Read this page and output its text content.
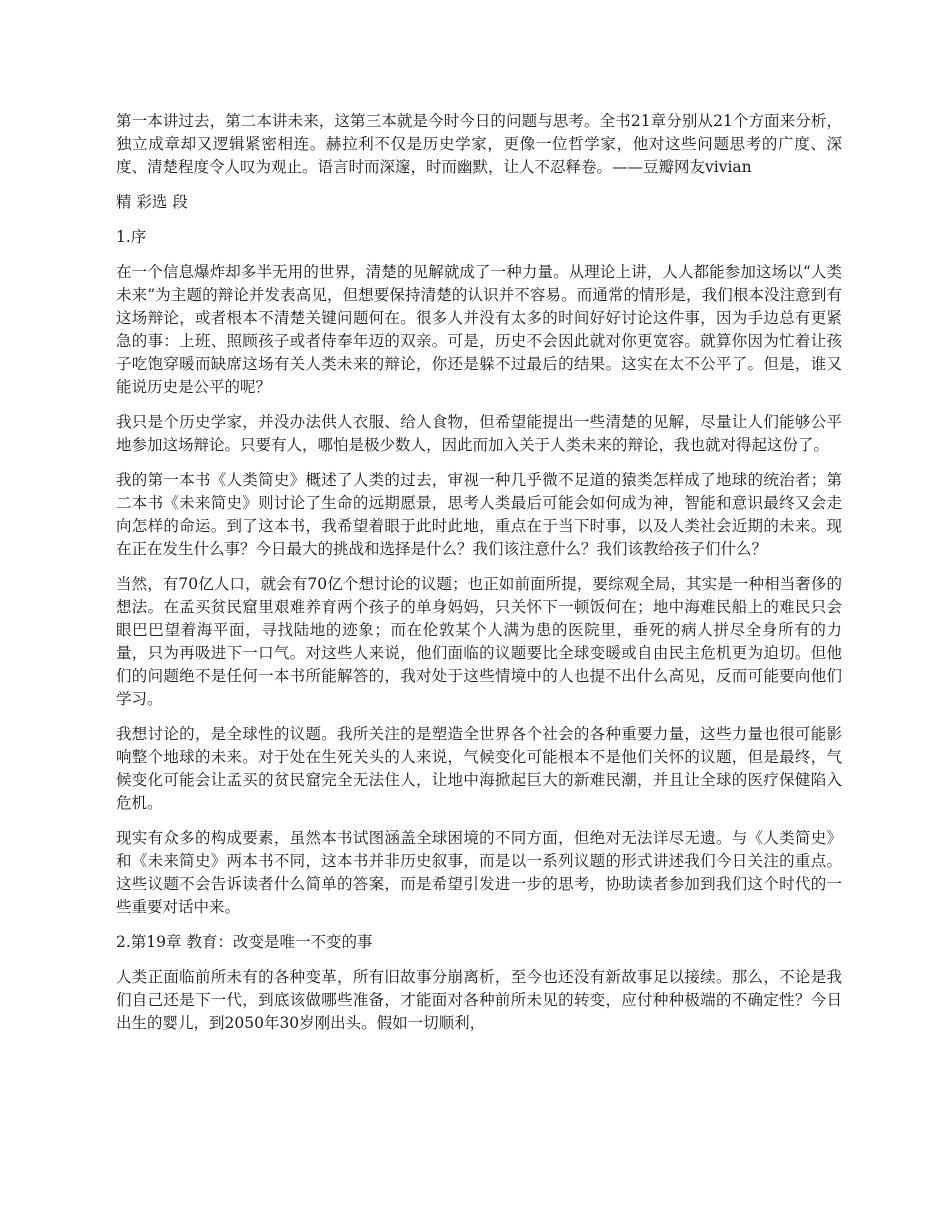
第一本讲过去，第二本讲未来，这第三本就是今时今日的问题与思考。全书21章分别从21个方面来分析，独立成章却又逻辑紧密相连。赫拉利不仅是历史学家，更像一位哲学家，他对这些问题思考的广度、深度、清楚程度令人叹为观止。语言时而深邃，时而幽默，让人不忍释卷。——豆瓣网友vivian

精 彩选 段

1.序

在一个信息爆炸却多半无用的世界，清楚的见解就成了一种力量。从理论上讲，人人都能参加这场以“人类未来”为主题的辩论并发表高见，但想要保持清楚的认识并不容易。而通常的情形是，我们根本没注意到有这场辩论，或者根本不清楚关键问题何在。很多人并没有太多的时间好好讨论这件事，因为手边总有更紧急的事：上班、照顾孩子或者侍奉年迈的双亲。可是，历史不会因此就对你更宽容。就算你因为忙着让孩子吃饱穿暖而缺席这场有关人类未来的辩论，你还是躲不过最后的结果。这实在太不公平了。但是，谁又能说历史是公平的呢？

我只是个历史学家，并没办法供人衣服、给人食物，但希望能提出一些清楚的见解，尽量让人们能够公平地参加这场辩论。只要有人，哪怕是极少数人，因此而加入关于人类未来的辩论，我也就对得起这份了。

我的第一本书《人类简史》概述了人类的过去，审视一种几乎微不足道的猿类怎样成了地球的统治者；第二本书《未来简史》则讨论了生命的远期愿景，思考人类最后可能会如何成为神，智能和意识最终又会走向怎样的命运。到了这本书，我希望着眼于此时此地，重点在于当下时事，以及人类社会近期的未来。现在正在发生什么事？今日最大的挑战和选择是什么？我们该注意什么？我们该教给孩子们什么？

当然，有70亿人口，就会有70亿个想讨论的议题；也正如前面所提，要综观全局，其实是一种相当奢侈的想法。在孟买贫民窟里艰难养育两个孩子的单身妈妈，只关怀下一顿饭何在；地中海难民船上的难民只会眼巴巴望着海平面，寻找陆地的迹象；而在伦敦某个人满为患的医院里，垂死的病人拼尽全身所有的力量，只为再吸进下一口气。对这些人来说，他们面临的议题要比全球变暖或自由民主危机更为迫切。但他们的问题绝不是任何一本书所能解答的，我对处于这些情境中的人也提不出什么高见，反而可能要向他们学习。

我想讨论的，是全球性的议题。我所关注的是塑造全世界各个社会的各种重要力量，这些力量也很可能影响整个地球的未来。对于处在生死关头的人来说，气候变化可能根本不是他们关怀的议题，但是最终，气候变化可能会让孟买的贫民窟完全无法住人，让地中海掀起巨大的新难民潮，并且让全球的医疗保健陷入危机。

现实有众多的构成要素，虽然本书试图涵盖全球困境的不同方面，但绝对无法详尽无遗。与《人类简史》和《未来简史》两本书不同，这本书并非历史叙事，而是以一系列议题的形式讲述我们今日关注的重点。这些议题不会告诉读者什么简单的答案，而是希望引发进一步的思考，协助读者参加到我们这个时代的一些重要对话中来。

2.第19章 教育：改变是唯一不变的事

人类正面临前所未有的各种变革，所有旧故事分崩离析，至今也还没有新故事足以接续。那么，不论是我们自己还是下一代，到底该做哪些准备，才能面对各种前所未见的转变，应付种种极端的不确定性？今日出生的婴儿，到2050年30岁刚出头。假如一切顺利，
